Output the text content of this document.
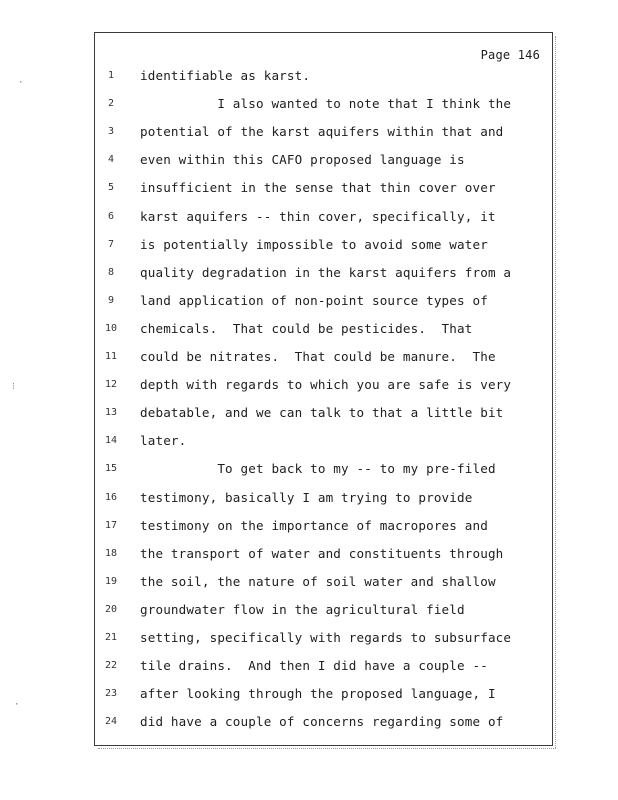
·
⁝
·
Page 146
1	identifiable as karst.
2	I also wanted to note that I think the
3	potential of the karst aquifers within that and
4	even within this CAFO proposed language is
5	insufficient in the sense that thin cover over
6	karst aquifers -- thin cover, specifically, it
7	is potentially impossible to avoid some water
8	quality degradation in the karst aquifers from a
9	land application of non-point source types of
10	chemicals.  That could be pesticides.  That
11	could be nitrates.  That could be manure.  The
12	depth with regards to which you are safe is very
13	debatable, and we can talk to that a little bit
14	later.
15	To get back to my -- to my pre-filed
16	testimony, basically I am trying to provide
17	testimony on the importance of macropores and
18	the transport of water and constituents through
19	the soil, the nature of soil water and shallow
20	groundwater flow in the agricultural field
21	setting, specifically with regards to subsurface
22	tile drains.  And then I did have a couple --
23	after looking through the proposed language, I
24	did have a couple of concerns regarding some of
